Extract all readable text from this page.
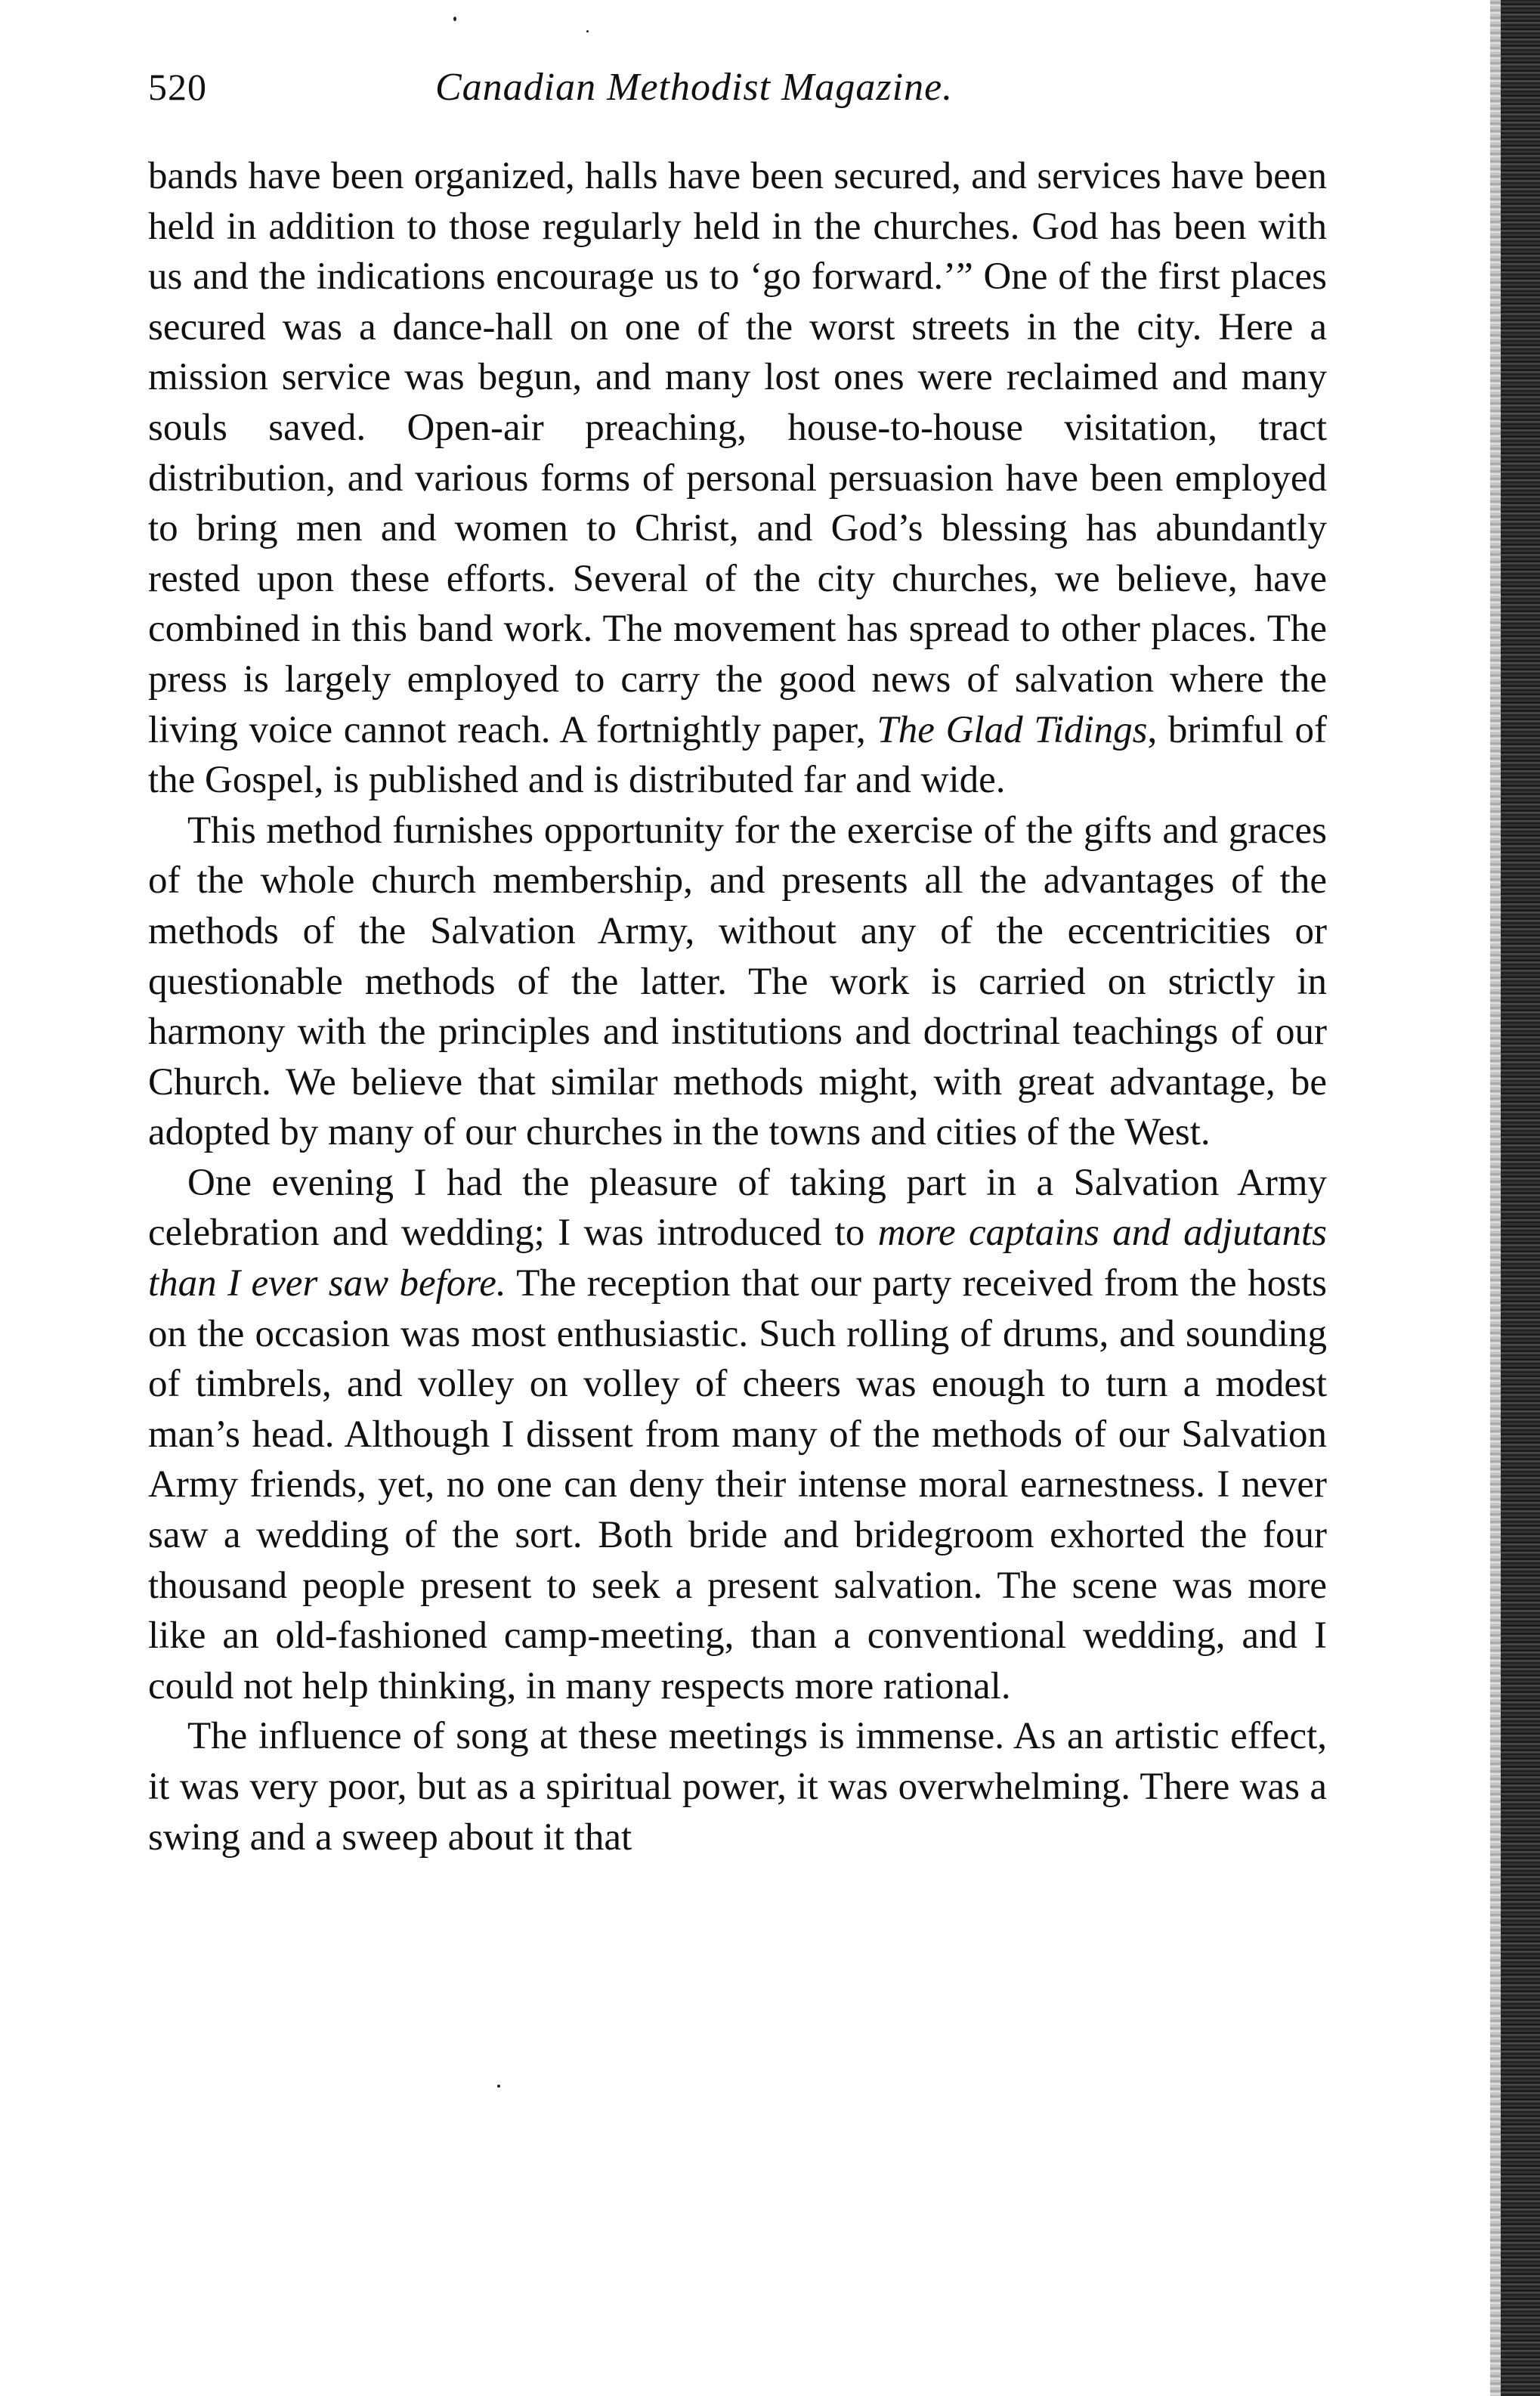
520	Canadian Methodist Magazine.

bands have been organized, halls have been secured, and services have been held in addition to those regularly held in the churches. God has been with us and the indications encourage us to ‘go forward.’” One of the first places secured was a dance-hall on one of the worst streets in the city. Here a mission service was begun, and many lost ones were reclaimed and many souls saved. Open-air preaching, house-to-house visitation, tract distribution, and various forms of personal persuasion have been employed to bring men and women to Christ, and God’s blessing has abundantly rested upon these efforts. Several of the city churches, we believe, have combined in this band work. The movement has spread to other places. The press is largely employed to carry the good news of salvation where the living voice cannot reach. A fortnightly paper, The Glad Tidings, brimful of the Gospel, is published and is distributed far and wide.

This method furnishes opportunity for the exercise of the gifts and graces of the whole church membership, and presents all the advantages of the methods of the Salvation Army, without any of the eccentricities or questionable methods of the latter. The work is carried on strictly in harmony with the principles and institutions and doctrinal teachings of our Church. We believe that similar methods might, with great advantage, be adopted by many of our churches in the towns and cities of the West.

One evening I had the pleasure of taking part in a Salvation Army celebration and wedding; I was introduced to more captains and adjutants than I ever saw before. The reception that our party received from the hosts on the occasion was most enthusiastic. Such rolling of drums, and sounding of timbrels, and volley on volley of cheers was enough to turn a modest man’s head. Although I dissent from many of the methods of our Salvation Army friends, yet, no one can deny their intense moral earnestness. I never saw a wedding of the sort. Both bride and bridegroom exhorted the four thousand people present to seek a present salvation. The scene was more like an old-fashioned camp-meeting, than a conventional wedding, and I could not help thinking, in many respects more rational.

The influence of song at these meetings is immense. As an artistic effect, it was very poor, but as a spiritual power, it was overwhelming. There was a swing and a sweep about it that
